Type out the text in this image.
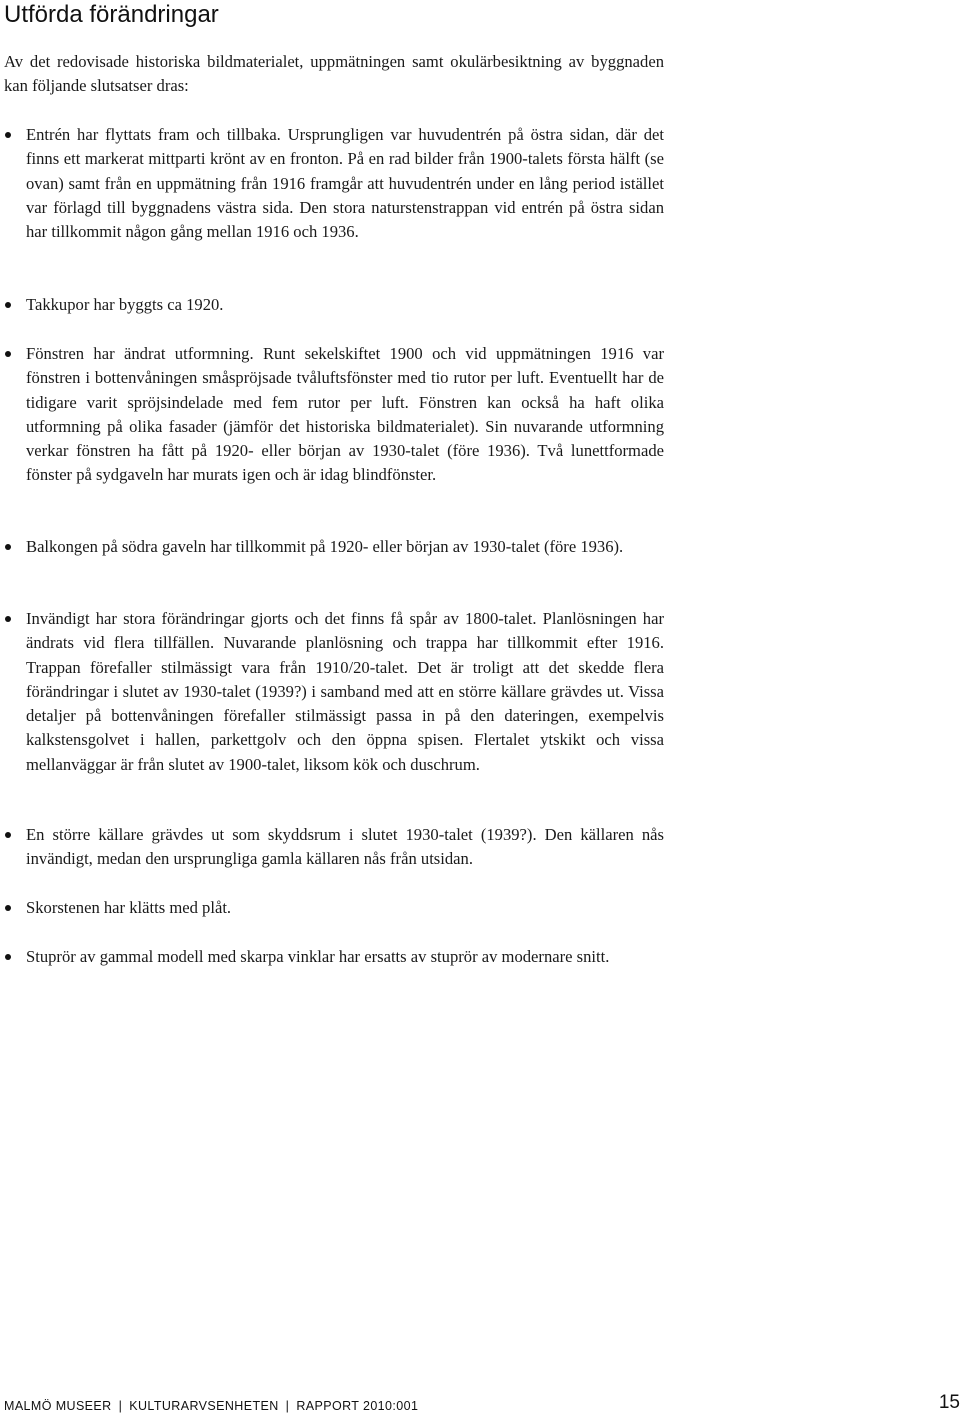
Utförda förändringar

Av det redovisade historiska bildmaterialet, uppmätningen samt okulärbesiktning av byggnaden kan följande slutsatser dras:

Entrén har flyttats fram och tillbaka. Ursprungligen var huvudentrén på östra sidan, där det finns ett markerat mittparti krönt av en fronton. På en rad bilder från 1900-talets första hälft (se ovan) samt från en uppmätning från 1916 framgår att huvudentrén under en lång period istället var förlagd till byggnadens västra sida. Den stora naturstenstrappan vid entrén på östra sidan har tillkommit någon gång mellan 1916 och 1936.

Takkupor har byggts ca 1920.

Fönstren har ändrat utformning. Runt sekelskiftet 1900 och vid uppmätningen 1916 var fönstren i bottenvåningen småspröjsade tvåluftsfönster med tio rutor per luft. Eventuellt har de tidigare varit spröjsindelade med fem rutor per luft. Fönstren kan också ha haft olika utformning på olika fasader (jämför det historiska bildmaterialet). Sin nuvarande utformning verkar fönstren ha fått på 1920- eller början av 1930-talet (före 1936). Två lunettformade fönster på sydgaveln har murats igen och är idag blindfönster.

Balkongen på södra gaveln har tillkommit på 1920- eller början av 1930-talet (före 1936).

Invändigt har stora förändringar gjorts och det finns få spår av 1800-talet. Planlösningen har ändrats vid flera tillfällen. Nuvarande planlösning och trappa har tillkommit efter 1916. Trappan förefaller stilmässigt vara från 1910/20-talet. Det är troligt att det skedde flera förändringar i slutet av 1930-talet (1939?) i samband med att en större källare grävdes ut. Vissa detaljer på bottenvåningen förefaller stilmässigt passa in på den dateringen, exempelvis kalkstensgolvet i hallen, parkettgolv och den öppna spisen. Flertalet ytskikt och vissa mellanväggar är från slutet av 1900-talet, liksom kök och duschrum.

En större källare grävdes ut som skyddsrum i slutet 1930-talet (1939?). Den källaren nås invändigt, medan den ursprungliga gamla källaren nås från utsidan.

Skorstenen har klätts med plåt.

Stuprör av gammal modell med skarpa vinklar har ersatts av stuprör av modernare snitt.

MALMÖ MUSEER | KULTURARVSENHETEN | RAPPORT 2010:001	15
